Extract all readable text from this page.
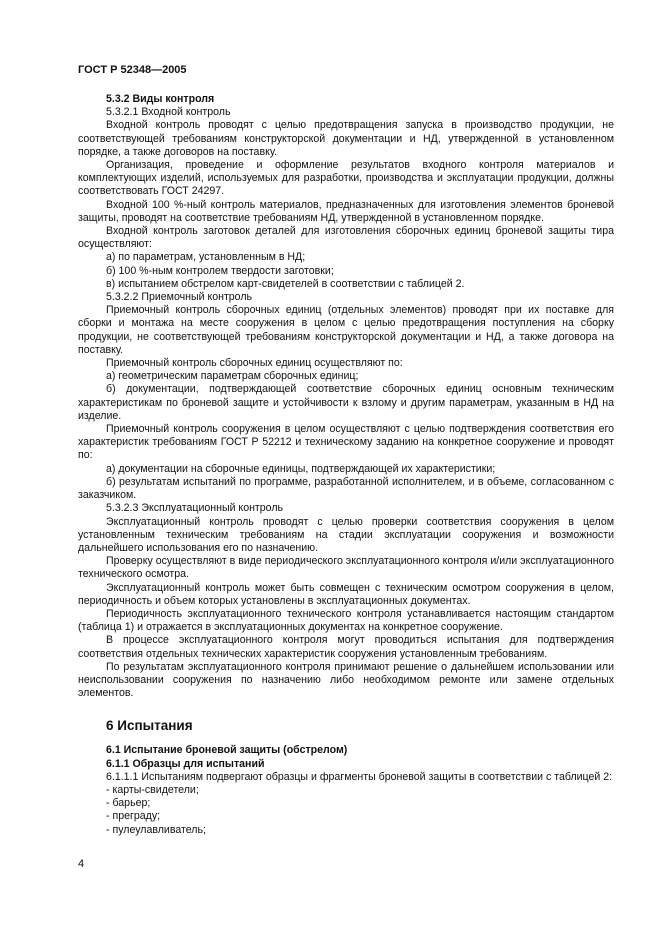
ГОСТ Р 52348—2005
5.3.2 Виды контроля
5.3.2.1 Входной контроль

Входной контроль проводят с целью предотвращения запуска в производство продукции, не соответствующей требованиям конструкторской документации и НД, утвержденной в установленном порядке, а также договоров на поставку.

Организация, проведение и оформление результатов входного контроля материалов и комплектующих изделий, используемых для разработки, производства и эксплуатации продукции, должны соответствовать ГОСТ 24297.

Входной 100 %-ный контроль материалов, предназначенных для изготовления элементов броневой защиты, проводят на соответствие требованиям НД, утвержденной в установленном порядке.

Входной контроль заготовок деталей для изготовления сборочных единиц броневой защиты тира осуществляют:

а) по параметрам, установленным в НД;
б) 100 %-ным контролем твердости заготовки;
в) испытанием обстрелом карт-свидетелей в соответствии с таблицей 2.
5.3.2.2 Приемочный контроль

Приемочный контроль сборочных единиц (отдельных элементов) проводят при их поставке для сборки и монтажа на месте сооружения в целом с целью предотвращения поступления на сборку продукции, не соответствующей требованиям конструкторской документации и НД, а также договора на поставку.

Приемочный контроль сборочных единиц осуществляют по:

а) геометрическим параметрам сборочных единиц;

б) документации, подтверждающей соответствие сборочных единиц основным техническим характеристикам по броневой защите и устойчивости к взлому и другим параметрам, указанным в НД на изделие.

Приемочный контроль сооружения в целом осуществляют с целью подтверждения соответствия его характеристик требованиям ГОСТ Р 52212 и техническому заданию на конкретное сооружение и проводят по:

а) документации на сборочные единицы, подтверждающей их характеристики;

б) результатам испытаний по программе, разработанной исполнителем, и в объеме, согласованном с заказчиком.

5.3.2.3 Эксплуатационный контроль

Эксплуатационный контроль проводят с целью проверки соответствия сооружения в целом установленным техническим требованиям на стадии эксплуатации сооружения и возможности дальнейшего использования его по назначению.

Проверку осуществляют в виде периодического эксплуатационного контроля и/или эксплуатационного технического осмотра.

Эксплуатационный контроль может быть совмещен с техническим осмотром сооружения в целом, периодичность и объем которых установлены в эксплуатационных документах.

Периодичность эксплуатационного технического контроля устанавливается настоящим стандартом (таблица 1) и отражается в эксплуатационных документах на конкретное сооружение.

В процессе эксплуатационного контроля могут проводиться испытания для подтверждения соответствия отдельных технических характеристик сооружения установленным требованиям.

По результатам эксплуатационного контроля принимают решение о дальнейшем использовании или неиспользовании сооружения по назначению либо необходимом ремонте или замене отдельных элементов.

6 Испытания
6.1 Испытание броневой защиты (обстрелом)
6.1.1 Образцы для испытаний

6.1.1.1 Испытаниям подвергают образцы и фрагменты броневой защиты в соответствии с таблицей 2:

- карты-свидетели;
- барьер;
- преграду;
- пулеулавливатель;
4
